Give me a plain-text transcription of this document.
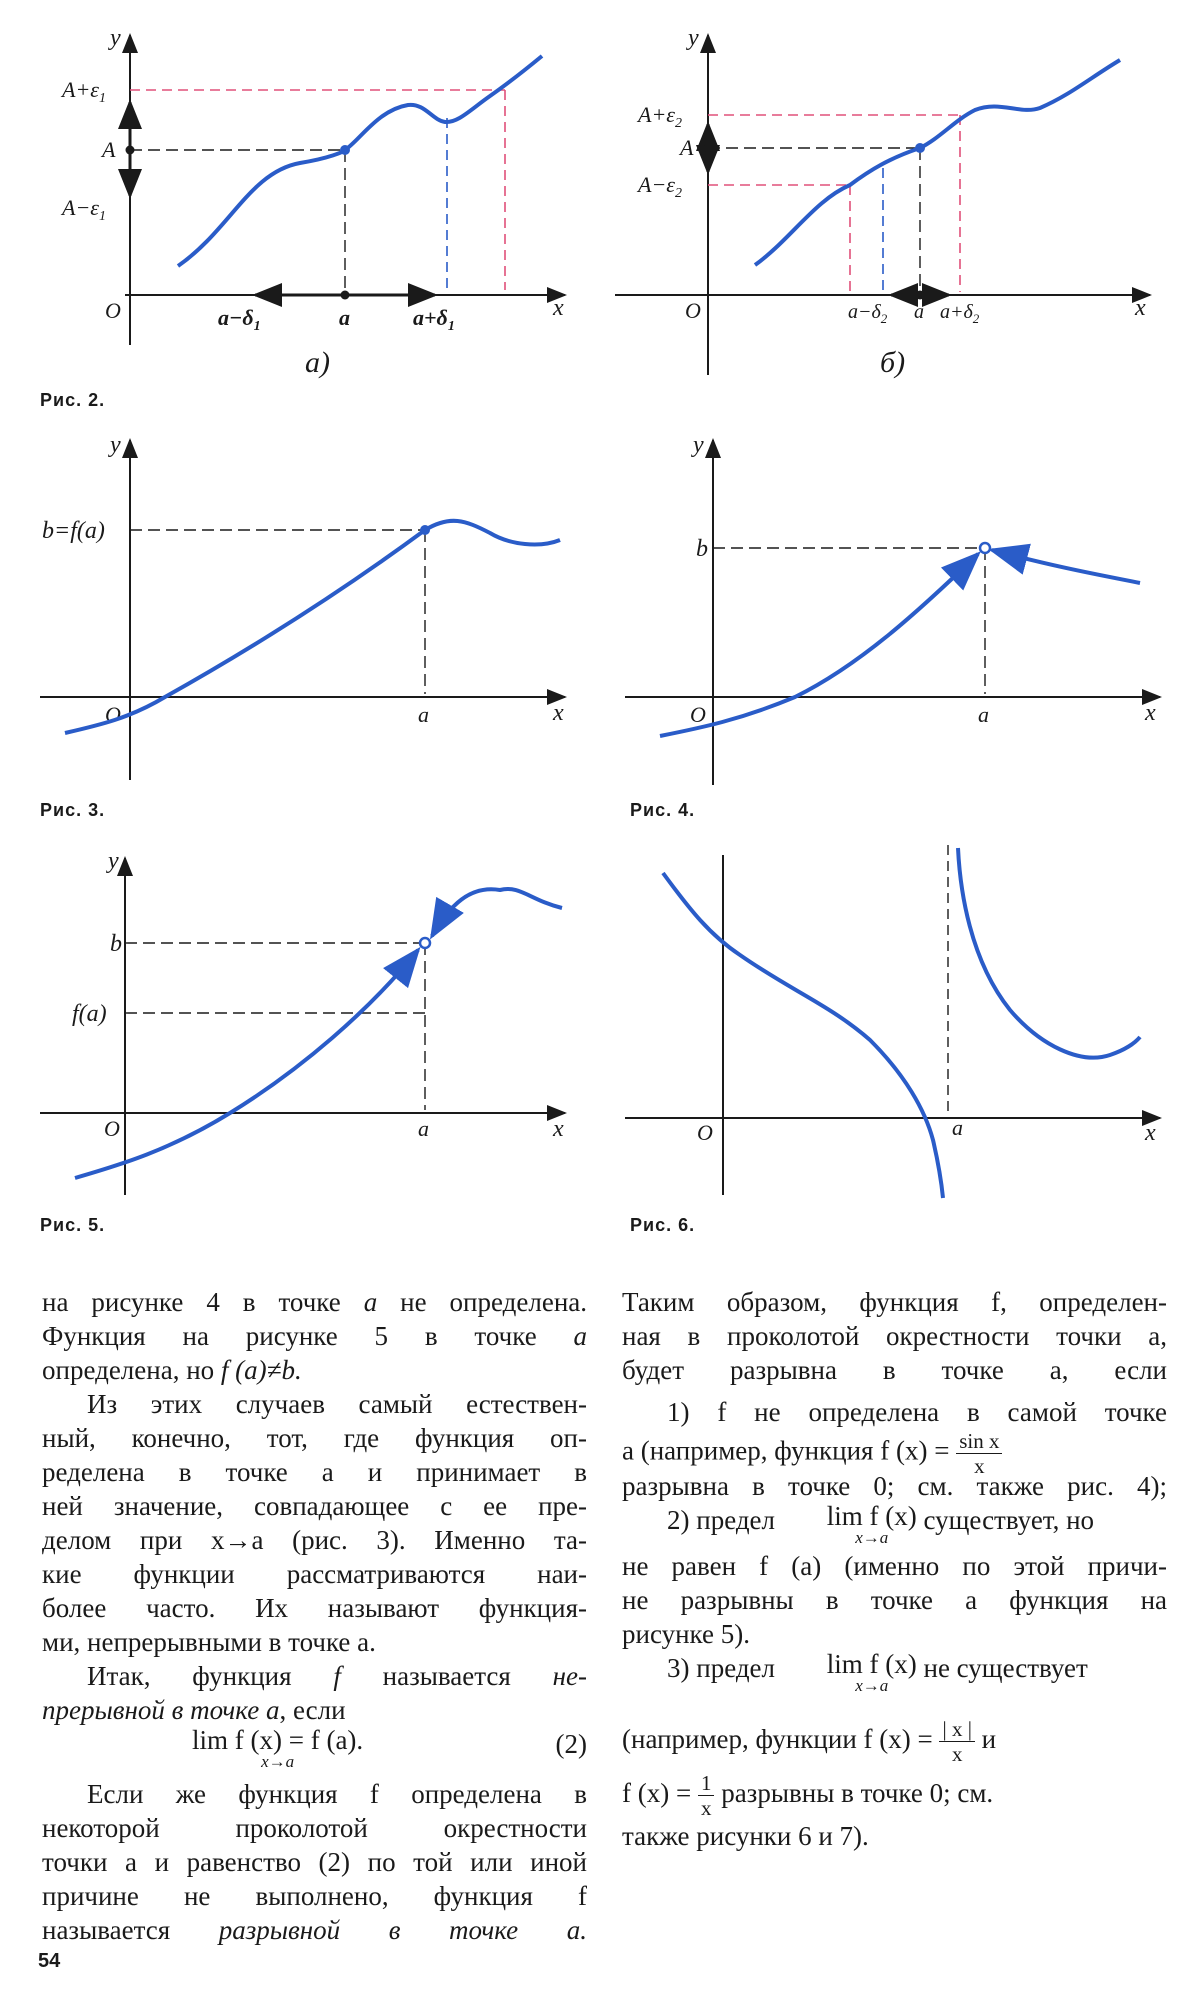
y
x
O
$A+\varepsilon_1$
A
$A-\varepsilon_1$
$a-\delta_1$	a	$a+\delta_1$
a)
y
x
O
$A+\varepsilon_2$
A
$A-\varepsilon_2$
$a-\delta_2$ a $a+\delta_2$
б)
y
x
O
b=f(a)
a
y
x
O
b
a
y
x
O
b
f(a)
a	x
O	a
Рис. 2.
Рис. 3.	Рис. 4.
Рис. 5.	Рис. 6.

на рисунке 4 в точке a не определена.

Функция на рисунке 5 в точке a

определена, но f (a)≠b.

Из этих случаев самый естествен-

ный, конечно, тот, где функция оп-

ределена в точке a и принимает в

ней значение, совпадающее с ее пре-

делом при x→a (рис. 3). Именно та-

кие функции рассматриваются наи-

более часто. Их называют функция-

ми, непрерывными в точке a.

Итак, функция f называется не-

прерывной в точке a, если

lim f (x) = f (a).
x→a
(2)

Если же функция f определена в

некоторой проколотой окрестности

точки a и равенство (2) по той или иной

причине не выполнено, функция f

называется разрывной в точке a.

Таким образом, функция f, определен-

ная в проколотой окрестности точки a,

будет разрывна в точке a, если

1) f не определена в самой точке

a (например, функция f $(x) = \frac{\text{sin x}}{x}$

разрывна в точке 0; см. также рис. 4);

2) предел lim f (x)
x→a
существует, но

не равен f (a) (именно по этой причи-

не разрывны в точке a функция на

рисунке 5).

3) предел lim f (x)
x→a
не существует

(например, функции f $(x) = \frac{| x |}{x}$ и

f $(x) = \frac{1}{x}$ разрывны в точке 0; см.

также рисунки 6 и 7).

54
